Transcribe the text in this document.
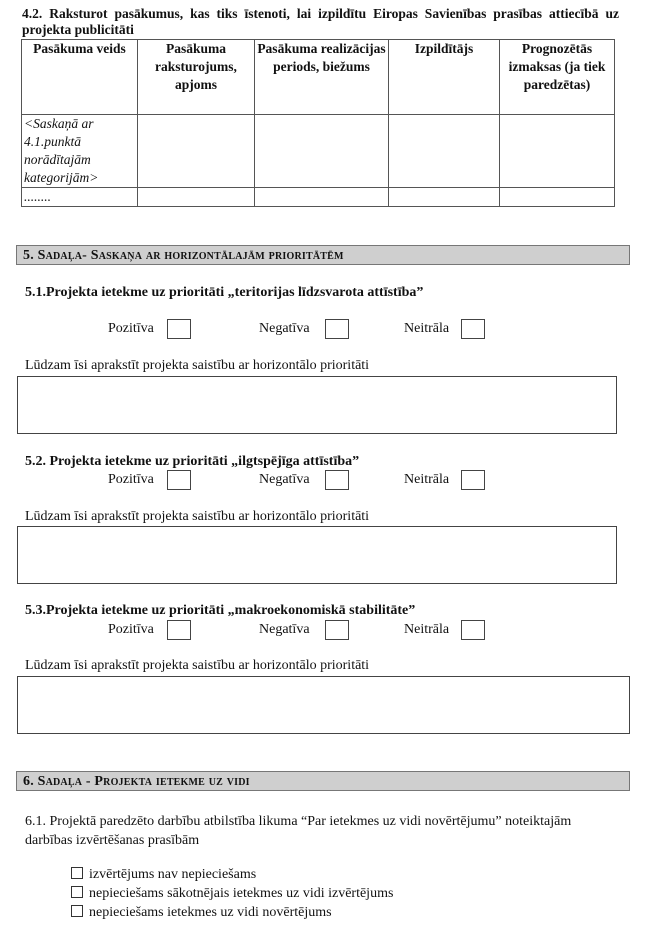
4.2. Raksturot pasākumus, kas tiks īstenoti, lai izpildītu Eiropas Savienības prasības attiecībā uz projekta publicitāti
Pasākuma veids	Pasākuma raksturojums, apjoms	Pasākuma realizācijas periods, biežums	Izpildītājs	Prognozētās izmaksas (ja tiek paredzētas)
<Saskaņā ar 4.1.punktā norādītajām kategorijām>				
........				
5. Sadaļa- Saskaņa ar horizontālajām prioritātēm
5.1.Projekta ietekme uz prioritāti „teritorijas līdzsvarota attīstība”
Pozitīva	Negatīva	Neitrāla
Lūdzam īsi aprakstīt projekta saistību ar horizontālo prioritāti
5.2. Projekta ietekme uz prioritāti „ilgtspējīga attīstība”
Pozitīva	Negatīva	Neitrāla
Lūdzam īsi aprakstīt projekta saistību ar horizontālo prioritāti
5.3.Projekta ietekme uz prioritāti „makroekonomiskā stabilitāte”
Pozitīva	Negatīva	Neitrāla
Lūdzam īsi aprakstīt projekta saistību ar horizontālo prioritāti
6. Sadaļa - Projekta ietekme uz vidi
6.1. Projektā paredzēto darbību atbilstība likuma “Par ietekmes uz vidi novērtējumu” noteiktajām darbības izvērtēšanas prasībām
izvērtējums nav nepieciešams
nepieciešams sākotnējais ietekmes uz vidi izvērtējums
nepieciešams ietekmes uz vidi novērtējums
